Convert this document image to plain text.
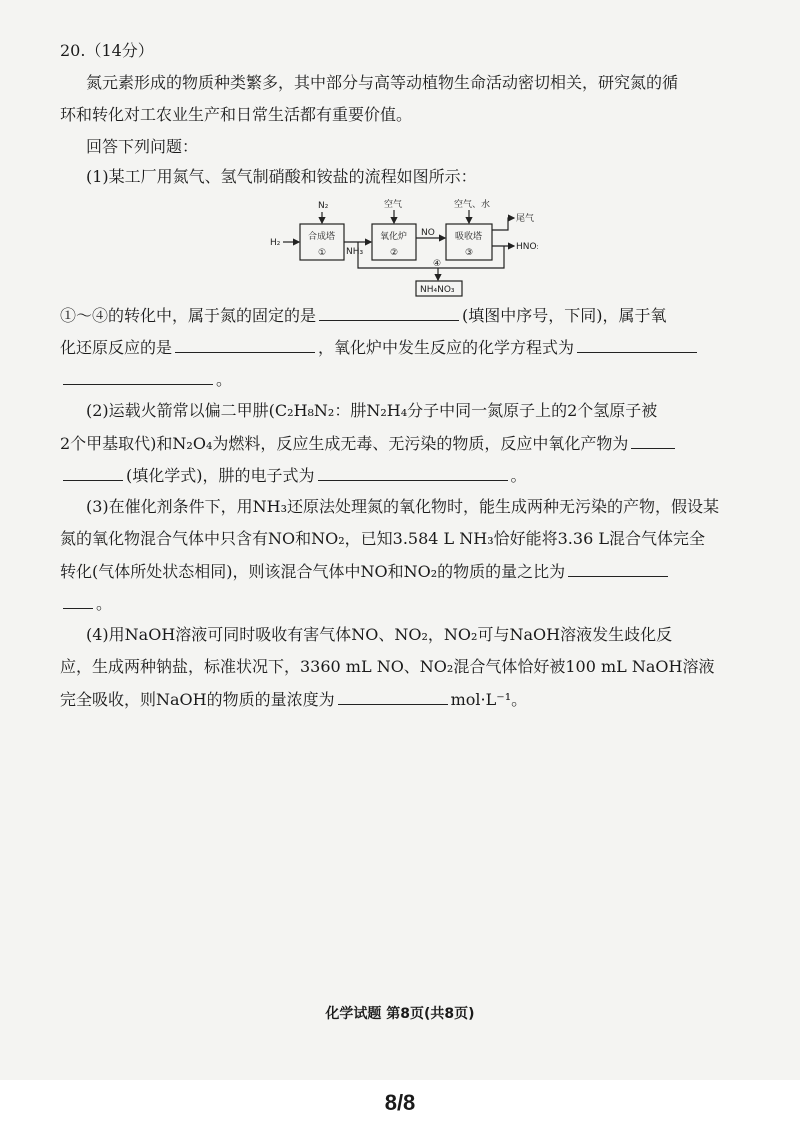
20.（14分）
氮元素形成的物质种类繁多，其中部分与高等动植物生命活动密切相关，研究氮的循
环和转化对工农业生产和日常生活都有重要价值。
回答下列问题：
(1)某工厂用氮气、氢气制硝酸和铵盐的流程如图所示：
H₂
N₂	空气	空气、水
尾气
HNO₃
NH₃
NO
合成塔
①
氧化炉
②
吸收塔
③
④
NH₄NO₃
①～④的转化中，属于氮的固定的是	(填图中序号，下同)，属于氧
化还原反应的是	，氧化炉中发生反应的化学方程式为
。
(2)运载火箭常以偏二甲肼(C₂H₈N₂：肼N₂H₄分子中同一氮原子上的2个氢原子被
2个甲基取代)和N₂O₄为燃料，反应生成无毒、无污染的物质，反应中氧化产物为
(填化学式)，肼的电子式为	。
(3)在催化剂条件下，用NH₃还原法处理氮的氧化物时，能生成两种无污染的产物，假设某
氮的氧化物混合气体中只含有NO和NO₂，已知3.584 L NH₃恰好能将3.36 L混合气体完全
转化(气体所处状态相同)，则该混合气体中NO和NO₂的物质的量之比为
。
(4)用NaOH溶液可同时吸收有害气体NO、NO₂，NO₂可与NaOH溶液发生歧化反
应，生成两种钠盐，标准状况下，3360 mL NO、NO₂混合气体恰好被100 mL NaOH溶液
完全吸收，则NaOH的物质的量浓度为	mol·L⁻¹。
化学试题 第8页(共8页)
8/8
